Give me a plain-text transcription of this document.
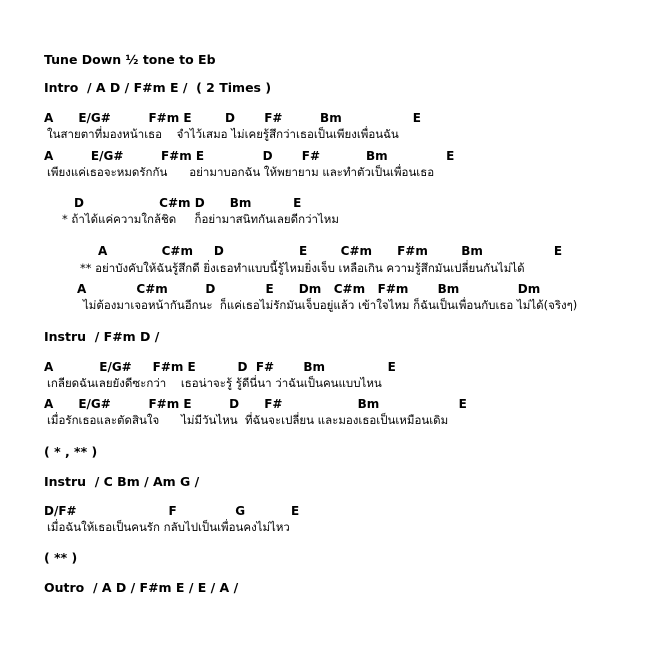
Tune Down ½ tone to Eb
Intro  / A D / F#m E /  ( 2 Times )
A      E/G#         F#m E        D       F#         Bm                 E
ในสายตาที่มองหน้าเธอ    จำไว้เสมอ ไม่เคยรู้สึกว่าเธอเป็นเพียงเพื่อนฉัน
A         E/G#         F#m E              D       F#           Bm              E
เพียงแค่เธอจะหมดรักกัน      อย่ามาบอกฉัน ให้พยายาม และทำตัวเป็นเพื่อนเธอ
D                  C#m D      Bm          E
* ถ้าได้แค่ความใกล้ชิด     ก็อย่ามาสนิทกันเลยดีกว่าไหม
A             C#m     D                  E        C#m      F#m        Bm                 E
** อย่าบังคับให้ฉันรู้สึกดี ยิ่งเธอทำแบบนี้รู้ไหมยิ่งเจ็บ เหลือเกิน ความรู้สึกมันเปลี่ยนกันไม่ได้
A            C#m         D            E      Dm   C#m   F#m       Bm              Dm
ไม่ต้องมาเจอหน้ากันอีกนะ  ก็แค่เธอไม่รักมันเจ็บอยู่แล้ว เข้าใจไหม ก็ฉันเป็นเพื่อนกับเธอ ไม่ได้(จริงๆ)
Instru  / F#m D /
A           E/G#     F#m E          D  F#       Bm               E
เกลียดฉันเลยยังดีซะกว่า    เธอน่าจะรู้ รู้ดีนี่นา ว่าฉันเป็นคนแบบไหน
A      E/G#         F#m E         D      F#                  Bm                   E
เมื่อรักเธอและตัดสินใจ      ไม่มีวันไหน  ที่ฉันจะเปลี่ยน และมองเธอเป็นเหมือนเดิม
( * , ** )
Instru  / C Bm / Am G /
D/F#                      F              G           E
เมื่อฉันให้เธอเป็นคนรัก กลับไปเป็นเพื่อนคงไม่ไหว
( ** )
Outro  / A D / F#m E / E / A /
